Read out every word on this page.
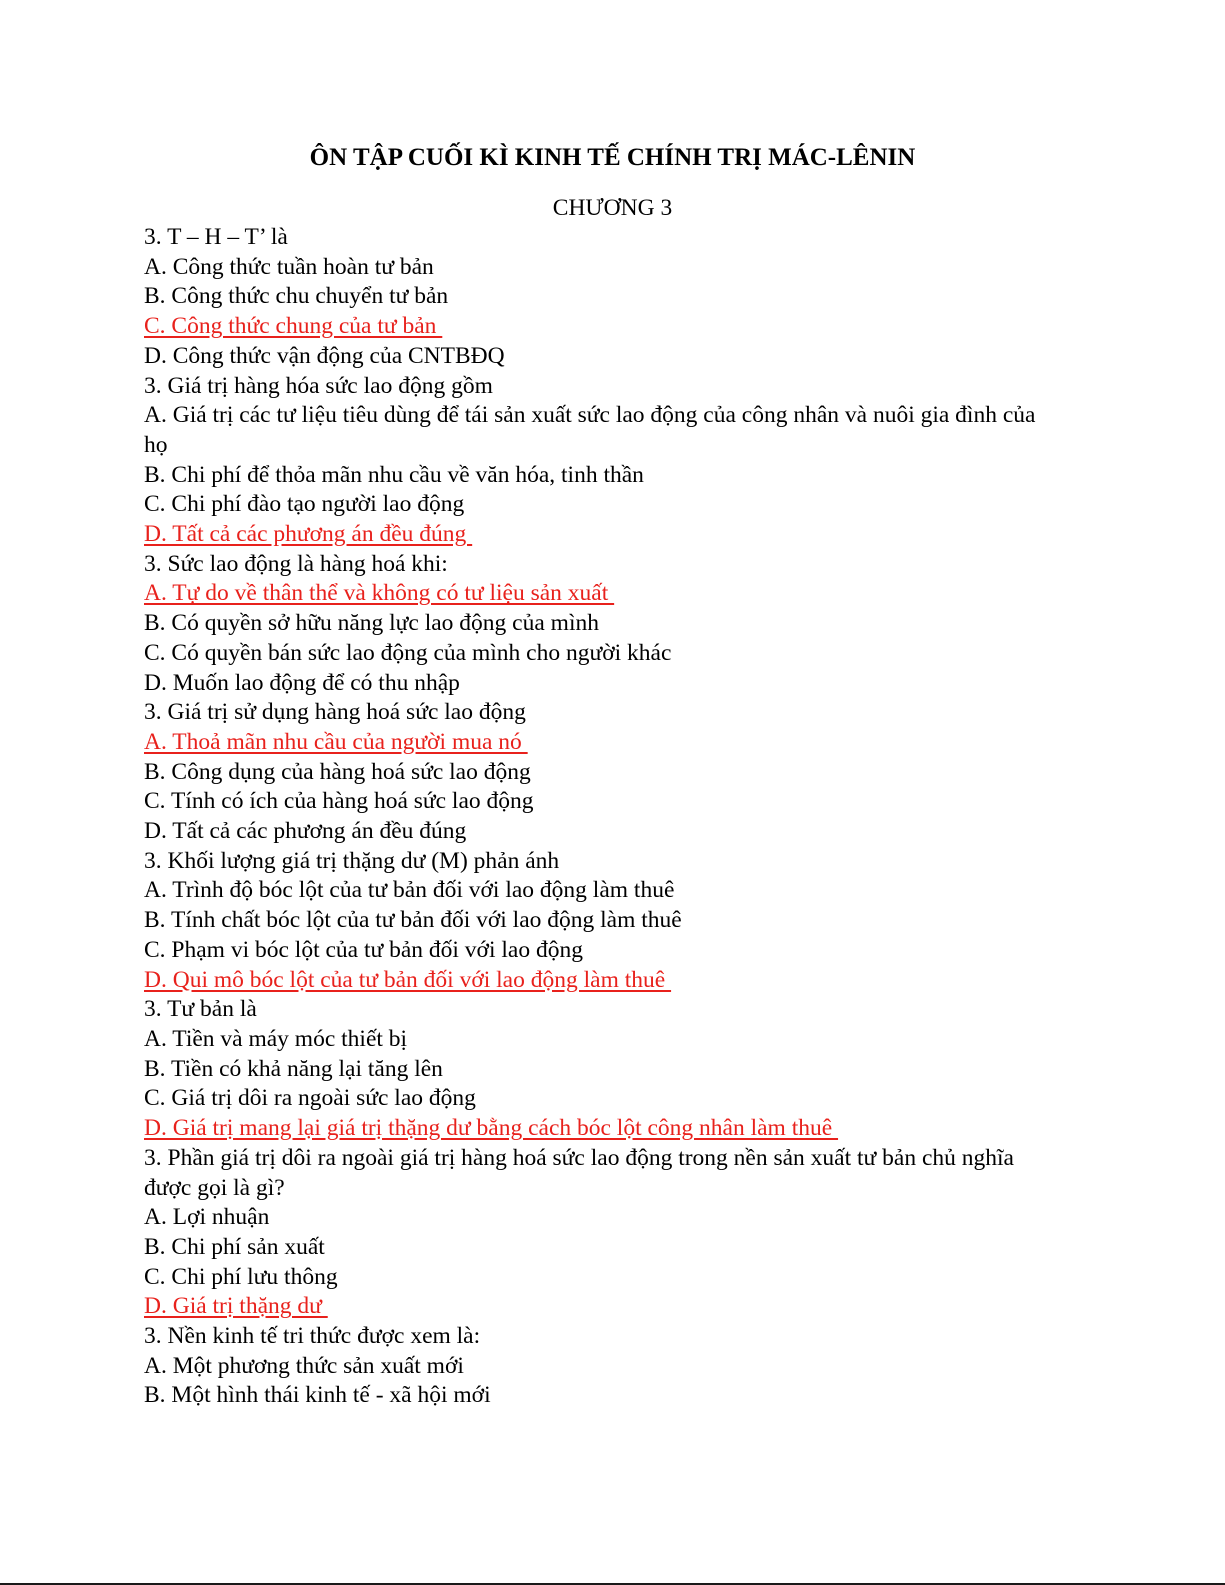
ÔN TẬP CUỐI KÌ KINH TẾ CHÍNH TRỊ MÁC-LÊNIN
CHƯƠNG 3

3. T – H – T’ là

A. Công thức tuần hoàn tư bản

B. Công thức chu chuyển tư bản

C. Công thức chung của tư bản

D. Công thức vận động của CNTBĐQ

3. Giá trị hàng hóa sức lao động gồm

A. Giá trị các tư liệu tiêu dùng để tái sản xuất sức lao động của công nhân và nuôi gia đình của họ

B. Chi phí để thỏa mãn nhu cầu về văn hóa, tinh thần

C. Chi phí đào tạo người lao động

D. Tất cả các phương án đều đúng

3. Sức lao động là hàng hoá khi:

A. Tự do về thân thể và không có tư liệu sản xuất

B. Có quyền sở hữu năng lực lao động của mình

C. Có quyền bán sức lao động của mình cho người khác

D. Muốn lao động để có thu nhập

3. Giá trị sử dụng hàng hoá sức lao động

A. Thoả mãn nhu cầu của người mua nó

B. Công dụng của hàng hoá sức lao động

C. Tính có ích của hàng hoá sức lao động

D. Tất cả các phương án đều đúng

3. Khối lượng giá trị thặng dư (M) phản ánh

A. Trình độ bóc lột của tư bản đối với lao động làm thuê

B. Tính chất bóc lột của tư bản đối với lao động làm thuê

C. Phạm vi bóc lột của tư bản đối với lao động

D. Qui mô bóc lột của tư bản đối với lao động làm thuê

3. Tư bản là

A. Tiền và máy móc thiết bị

B. Tiền có khả năng lại tăng lên

C. Giá trị dôi ra ngoài sức lao động

D. Giá trị mang lại giá trị thặng dư bằng cách bóc lột công nhân làm thuê

3. Phần giá trị dôi ra ngoài giá trị hàng hoá sức lao động trong nền sản xuất tư bản chủ nghĩa được gọi là gì?

A. Lợi nhuận

B. Chi phí sản xuất

C. Chi phí lưu thông

D. Giá trị thặng dư

3. Nền kinh tế tri thức được xem là:

A. Một phương thức sản xuất mới

B. Một hình thái kinh tế - xã hội mới
